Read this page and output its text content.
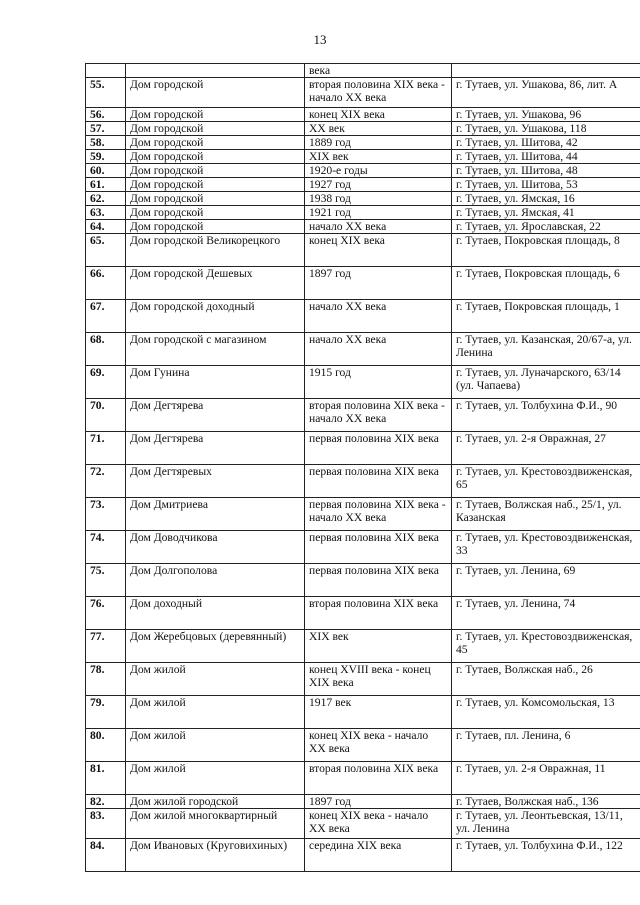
13
		века	
55.	Дом городской	вторая половина XIX века - начало XX века	г. Тутаев, ул. Ушакова, 86, лит. А
56.	Дом городской	конец XIX века	г. Тутаев, ул. Ушакова, 96
57.	Дом городской	XX век	г. Тутаев, ул. Ушакова, 118
58.	Дом городской	1889 год	г. Тутаев, ул. Шитова, 42
59.	Дом городской	XIX век	г. Тутаев, ул. Шитова, 44
60.	Дом городской	1920-е годы	г. Тутаев, ул. Шитова, 48
61.	Дом городской	1927 год	г. Тутаев, ул. Шитова, 53
62.	Дом городской	1938 год	г. Тутаев, ул. Ямская, 16
63.	Дом городской	1921 год	г. Тутаев, ул. Ямская, 41
64.	Дом городской	начало XX века	г. Тутаев, ул. Ярославская, 22
65.	Дом городской Великорецкого	конец XIX века	г. Тутаев, Покровская площадь, 8
66.	Дом городской Дешевых	1897 год	г. Тутаев, Покровская площадь, 6
67.	Дом городской доходный	начало XX века	г. Тутаев, Покровская площадь, 1
68.	Дом городской с магазином	начало XX века	г. Тутаев, ул. Казанская, 20/67-а, ул. Ленина
69.	Дом Гунина	1915 год	г. Тутаев, ул. Луначарского, 63/14 (ул. Чапаева)
70.	Дом Дегтярева	вторая половина XIX века - начало XX века	г. Тутаев, ул. Толбухина Ф.И., 90
71.	Дом Дегтярева	первая половина XIX века	г. Тутаев, ул. 2-я Овражная, 27
72.	Дом Дегтяревых	первая половина XIX века	г. Тутаев, ул. Крестовоздвиженская, 65
73.	Дом Дмитриева	первая половина XIX века - начало XX века	г. Тутаев, Волжская наб., 25/1, ул. Казанская
74.	Дом Доводчикова	первая половина XIX века	г. Тутаев, ул. Крестовоздвиженская, 33
75.	Дом Долгополова	первая половина XIX века	г. Тутаев, ул. Ленина, 69
76.	Дом доходный	вторая половина XIX века	г. Тутаев, ул. Ленина, 74
77.	Дом Жеребцовых (деревянный)	XIX век	г. Тутаев, ул. Крестовоздвиженская, 45
78.	Дом жилой	конец XVIII века - конец XIX века	г. Тутаев, Волжская наб., 26
79.	Дом жилой	1917 век	г. Тутаев, ул. Комсомольская, 13
80.	Дом жилой	конец XIX века - начало XX века	г. Тутаев, пл. Ленина, 6
81.	Дом жилой	вторая половина XIX века	г. Тутаев, ул. 2-я Овражная, 11
82.	Дом жилой городской	1897 год	г. Тутаев, Волжская наб., 136
83.	Дом жилой многоквартирный	конец XIX века - начало XX века	г. Тутаев, ул. Леонтьевская, 13/11, ул. Ленина
84.	Дом Ивановых (Круговихиных)	середина XIX века	г. Тутаев, ул. Толбухина Ф.И., 122
